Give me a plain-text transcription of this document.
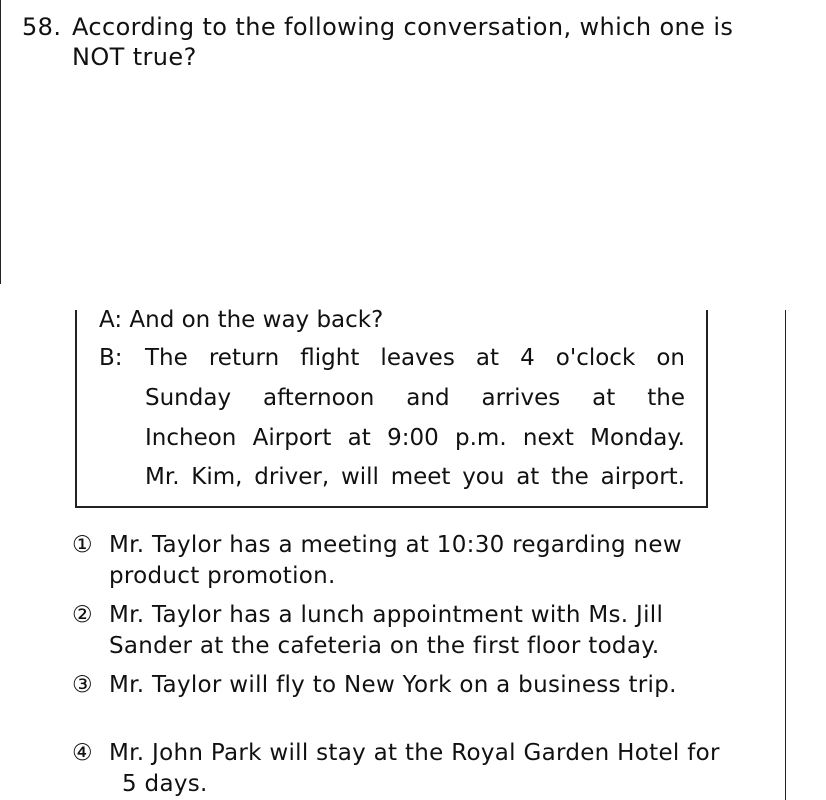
58. According to the following conversation, which one is
NOT true?
A: And on the way back?
B: The return flight leaves at 4 o'clock on
Sunday afternoon and arrives at the
Incheon Airport at 9:00 p.m. next Monday.
Mr. Kim, driver, will meet you at the airport.
① Mr. Taylor has a meeting at 10:30 regarding new
product promotion.
② Mr. Taylor has a lunch appointment with Ms. Jill
Sander at the cafeteria on the first floor today.
③ Mr. Taylor will fly to New York on a business trip.
④ Mr. John Park will stay at the Royal Garden Hotel for
5 days.
